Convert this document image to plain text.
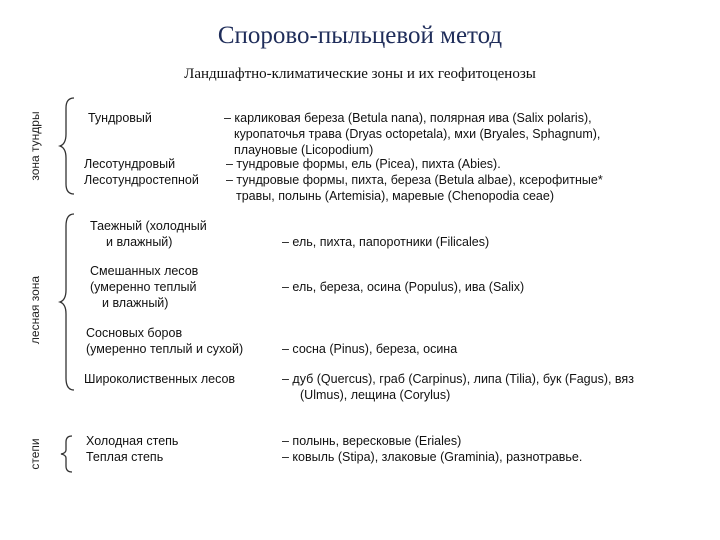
Спорово-пыльцевой метод
Ландшафтно-климатические зоны и их геофитоценозы
зона тундры
лесная зона
степи
Тундровый
Лесотундровый
Лесотундростепной
Таежный (холодный
и влажный)
Смешанных лесов
(умеренно теплый
и влажный)
Сосновых боров
(умеренно теплый и сухой)
Широколиственных лесов
Холодная степь
Теплая степь
– карликовая береза (Betula nana), полярная ива (Salix polaris),
куропаточья трава (Dryas octopetala), мхи (Bryales, Sphagnum),
плауновые (Licopodium)
– тундровые формы, ель (Picea), пихта (Abies).
– тундровые формы, пихта, береза (Betula albae), ксерофитные*
травы, полынь (Artemisia), маревые (Chenopodia ceae)
– ель, пихта, папоротники (Filicales)
– ель, береза, осина (Populus), ива (Salix)
– сосна (Pinus), береза, осина
– дуб (Quercus), граб (Carpinus), липа (Tilia), бук (Fagus), вяз
(Ulmus), лещина (Corylus)
– полынь, вересковые (Eriales)
– ковыль (Stipa), злаковые (Graminia), разнотравье.
